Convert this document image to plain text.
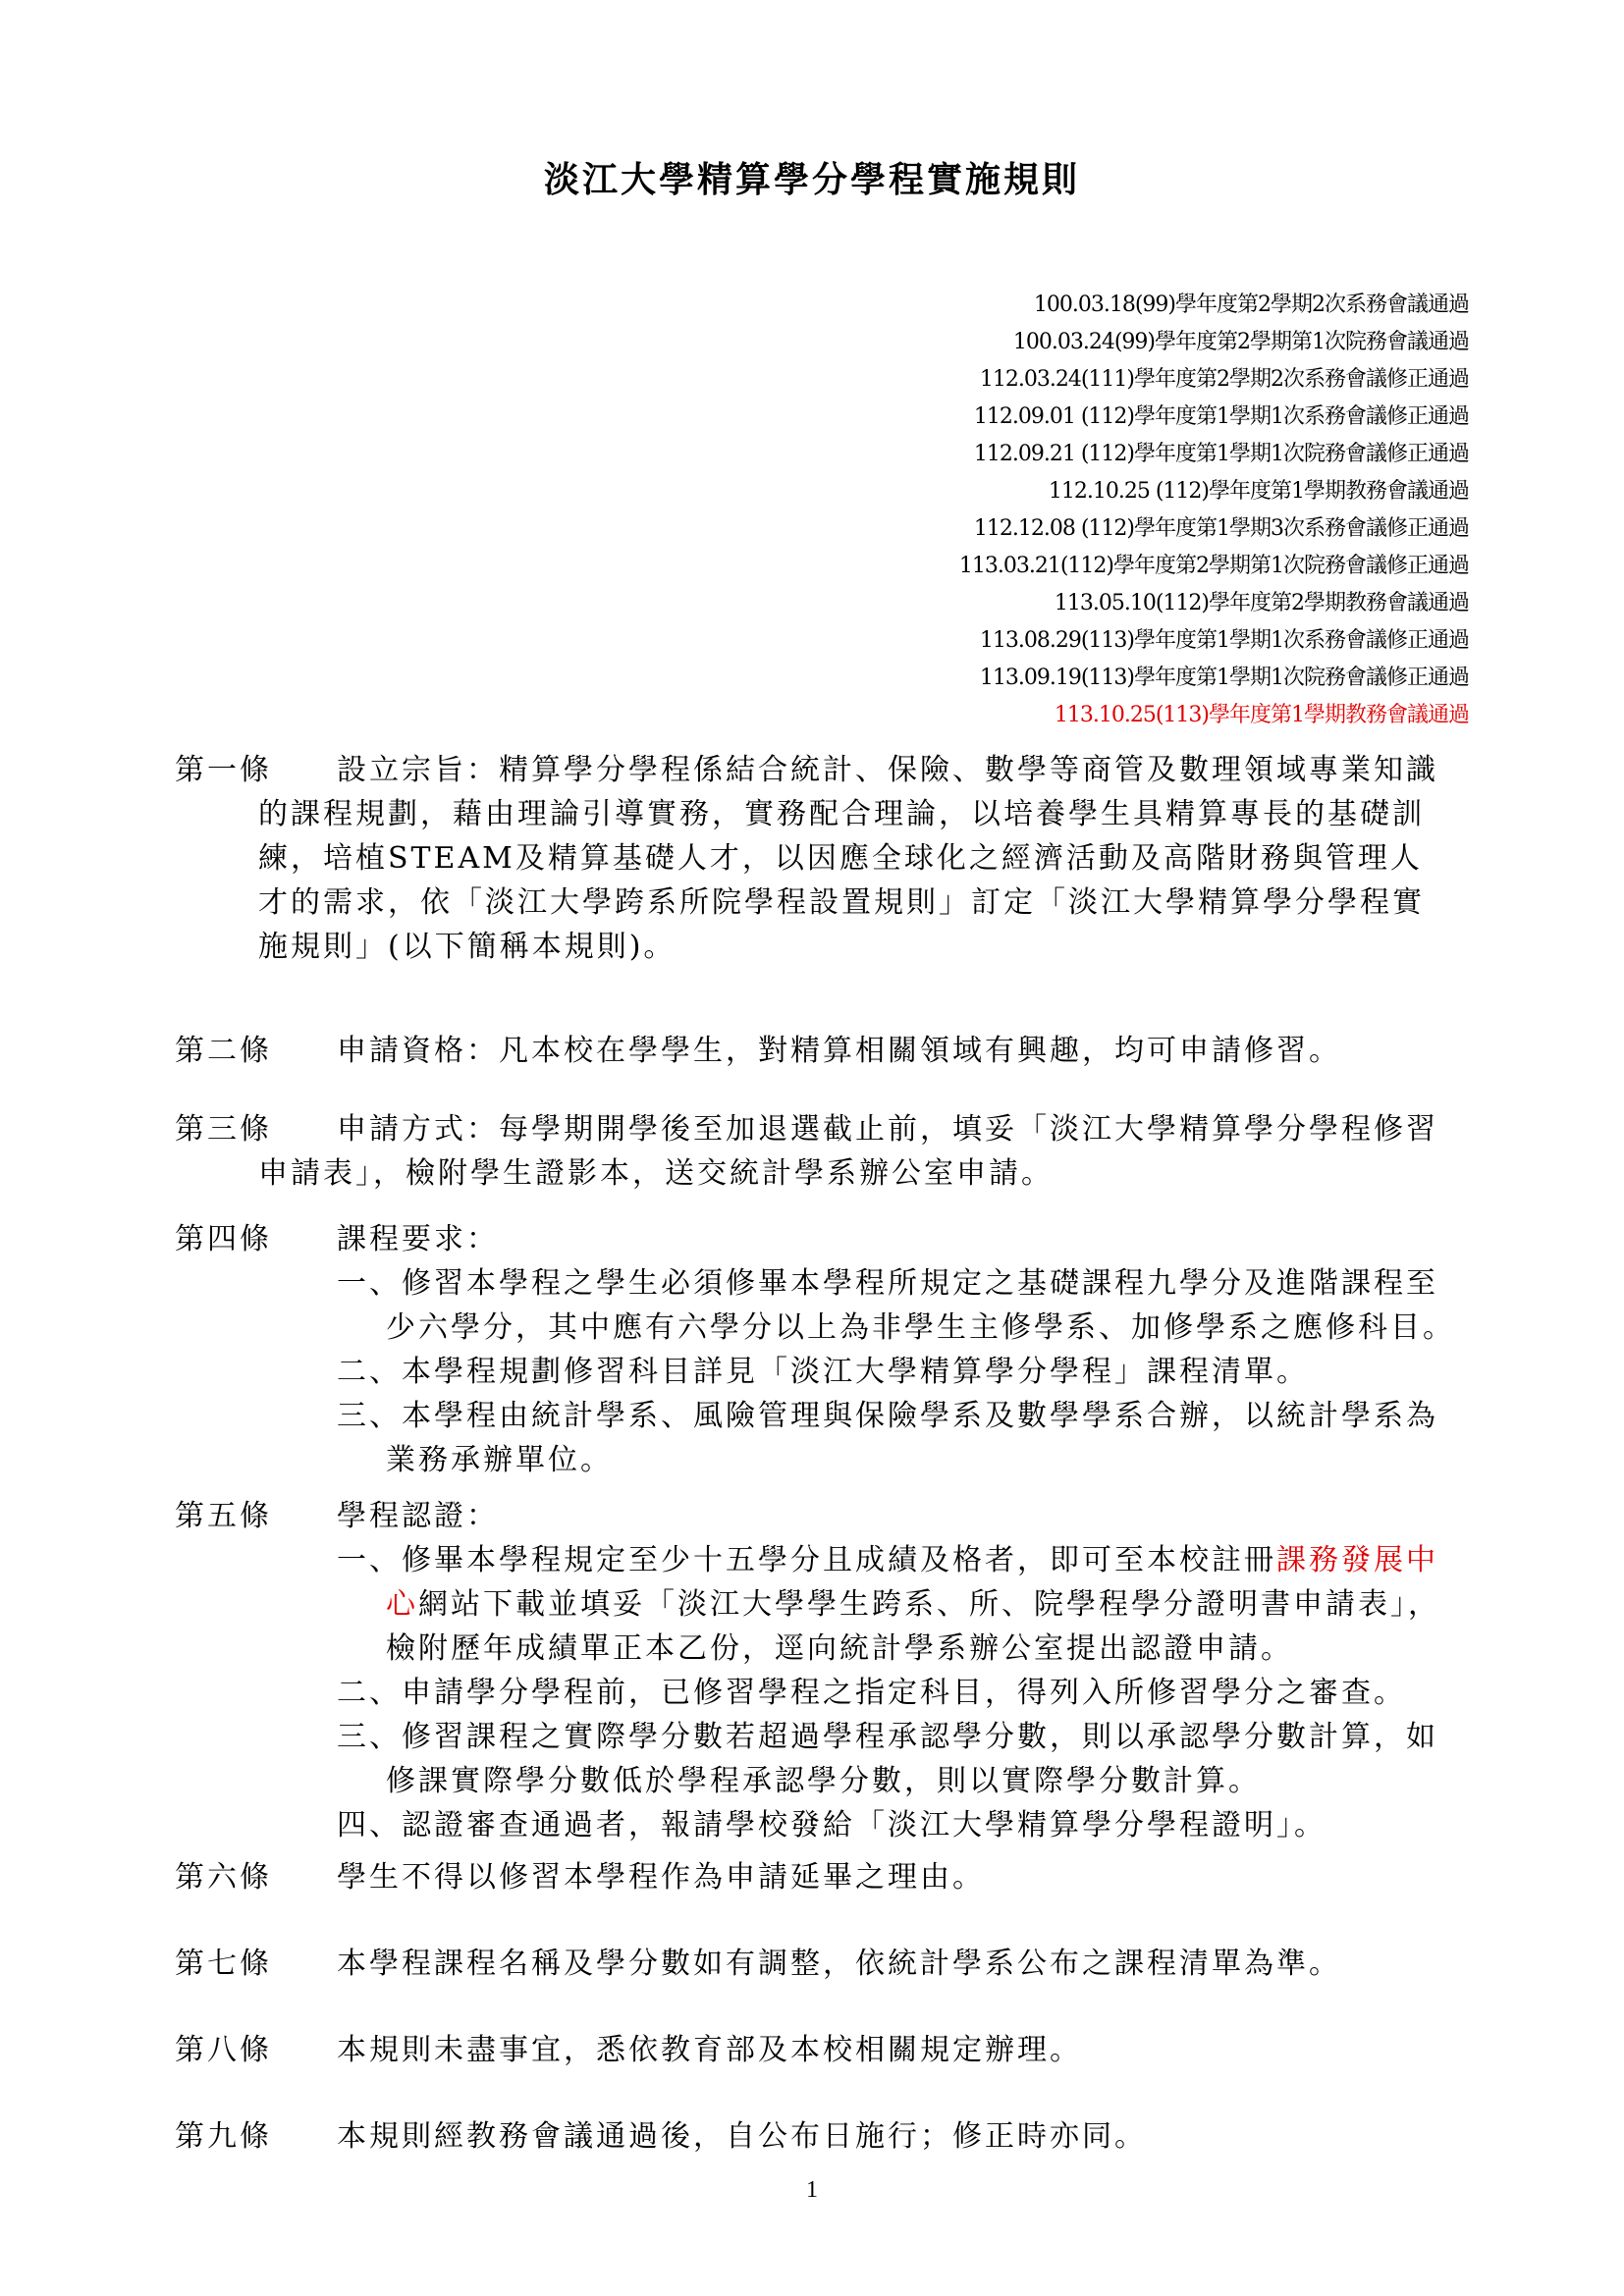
淡江大學精算學分學程實施規則
100.03.18(99)學年度第2學期2次系務會議通過
100.03.24(99)學年度第2學期第1次院務會議通過
112.03.24(111)學年度第2學期2次系務會議修正通過
112.09.01 (112)學年度第1學期1次系務會議修正通過
112.09.21 (112)學年度第1學期1次院務會議修正通過
112.10.25 (112)學年度第1學期教務會議通過
112.12.08 (112)學年度第1學期3次系務會議修正通過
113.03.21(112)學年度第2學期第1次院務會議修正通過
113.05.10(112)學年度第2學期教務會議通過
113.08.29(113)學年度第1學期1次系務會議修正通過
113.09.19(113)學年度第1學期1次院務會議修正通過
113.10.25(113)學年度第1學期教務會議通過
第一條 設立宗旨：精算學分學程係結合統計、保險、數學等商管及數理領域專業知識
的課程規劃，藉由理論引導實務，實務配合理論，以培養學生具精算專長的基礎訓
練，培植STEAM及精算基礎人才，以因應全球化之經濟活動及高階財務與管理人
才的需求，依「淡江大學跨系所院學程設置規則」訂定「淡江大學精算學分學程實
施規則」(以下簡稱本規則)。
第二條 申請資格：凡本校在學學生，對精算相關領域有興趣，均可申請修習。
第三條 申請方式：每學期開學後至加退選截止前，填妥「淡江大學精算學分學程修習
申請表」，檢附學生證影本，送交統計學系辦公室申請。
第四條 課程要求：
一、修習本學程之學生必須修畢本學程所規定之基礎課程九學分及進階課程至
少六學分，其中應有六學分以上為非學生主修學系、加修學系之應修科目。
二、本學程規劃修習科目詳見「淡江大學精算學分學程」課程清單。
三、本學程由統計學系、風險管理與保險學系及數學學系合辦，以統計學系為
業務承辦單位。
第五條 學程認證：
一、修畢本學程規定至少十五學分且成績及格者，即可至本校註冊課務發展中
心網站下載並填妥「淡江大學學生跨系、所、院學程學分證明書申請表」，
檢附歷年成績單正本乙份，逕向統計學系辦公室提出認證申請。
二、申請學分學程前，已修習學程之指定科目，得列入所修習學分之審查。
三、修習課程之實際學分數若超過學程承認學分數，則以承認學分數計算，如
修課實際學分數低於學程承認學分數，則以實際學分數計算。
四、認證審查通過者，報請學校發給「淡江大學精算學分學程證明」。
第六條 學生不得以修習本學程作為申請延畢之理由。
第七條 本學程課程名稱及學分數如有調整，依統計學系公布之課程清單為準。
第八條 本規則未盡事宜，悉依教育部及本校相關規定辦理。
第九條 本規則經教務會議通過後，自公布日施行；修正時亦同。
1
